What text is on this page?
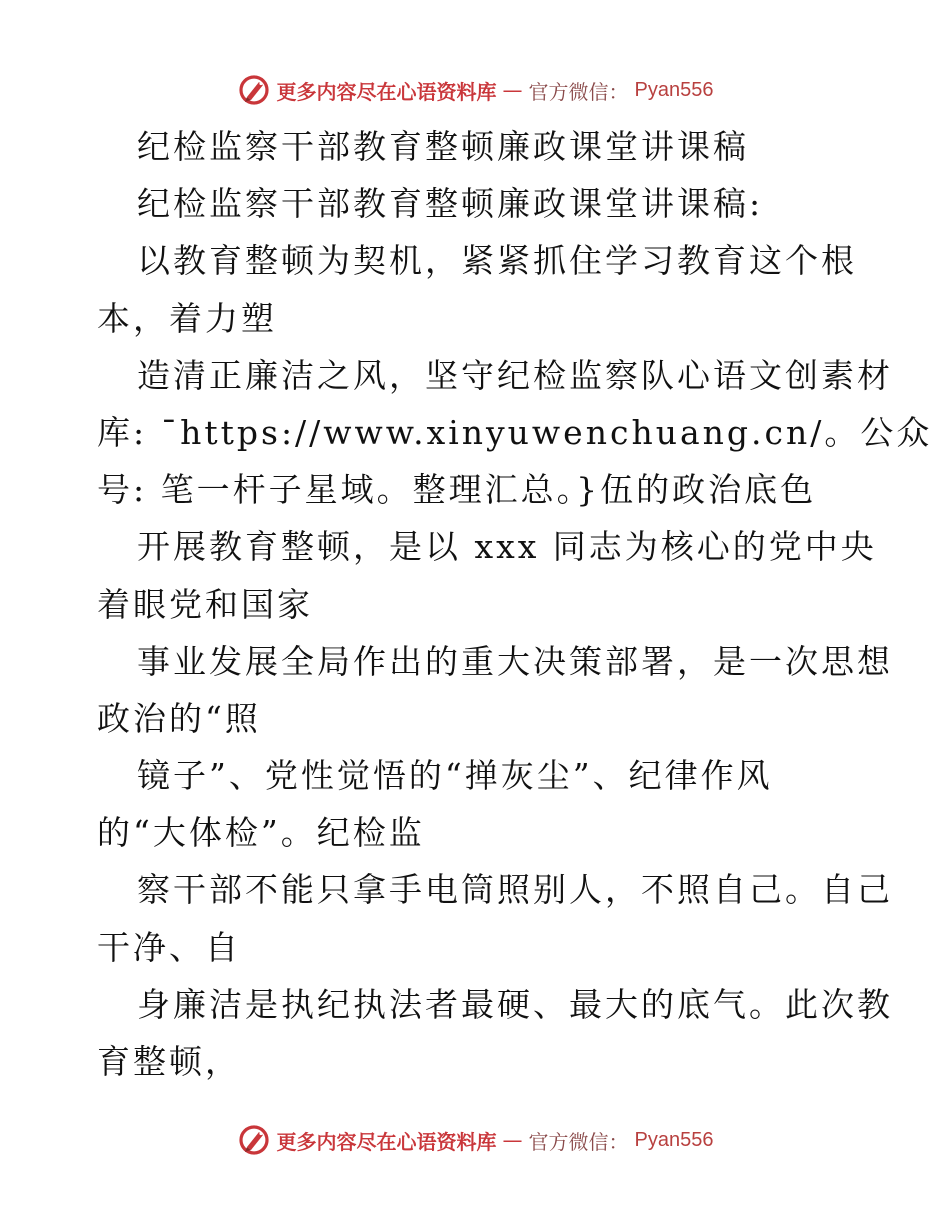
更多内容尽在心语资料库 — 官方微信： Pyan556
纪检监察干部教育整顿廉政课堂讲课稿
纪检监察干部教育整顿廉政课堂讲课稿:
以教育整顿为契机，紧紧抓住学习教育这个根
本，着力塑
造清正廉洁之风，坚守纪检监察队心语文创素材
库: ¯https://www.xinyuwenchuang.cn/。公众
号: 笔一杆子星域。整理汇总。}伍的政治底色
开展教育整顿，是以 xxx 同志为核心的党中央
着眼党和国家
事业发展全局作出的重大决策部署，是一次思想
政治的“照
镜子”、党性觉悟的“掸灰尘”、纪律作风
的“大体检”。纪检监
察干部不能只拿手电筒照别人，不照自己。自己
干净、自
身廉洁是执纪执法者最硬、最大的底气。此次教
育整顿，
更多内容尽在心语资料库 — 官方微信： Pyan556
